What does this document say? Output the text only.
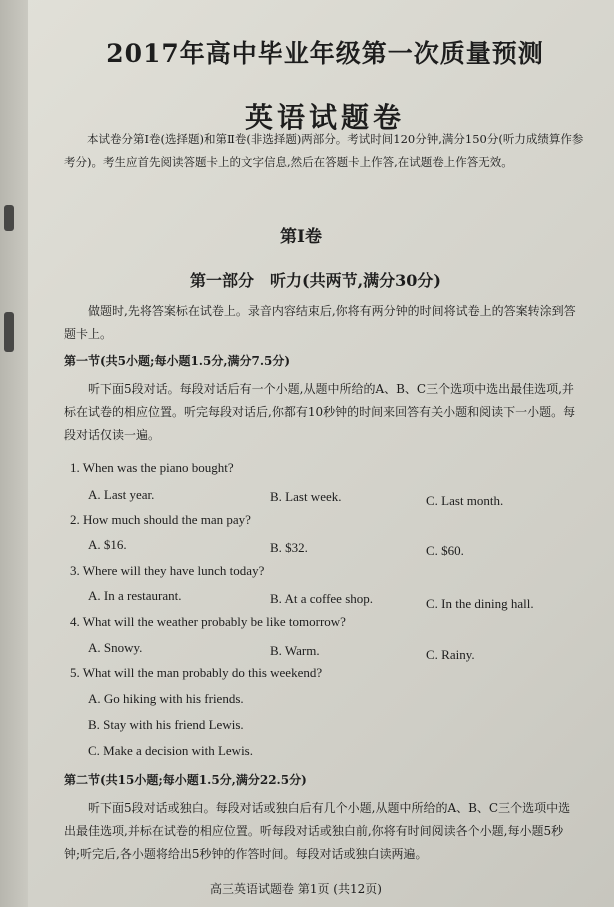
2017年高中毕业年级第一次质量预测
英语试题卷
本试卷分第Ⅰ卷(选择题)和第Ⅱ卷(非选择题)两部分。考试时间120分钟,满分150分(听力成绩算作参考分)。考生应首先阅读答题卡上的文字信息,然后在答题卡上作答,在试题卷上作答无效。
第Ⅰ卷
第一部分　听力(共两节,满分30分)
做题时,先将答案标在试卷上。录音内容结束后,你将有两分钟的时间将试卷上的答案转涂到答题卡上。
第一节(共5小题;每小题1.5分,满分7.5分)
听下面5段对话。每段对话后有一个小题,从题中所给的A、B、C三个选项中选出最佳选项,并标在试卷的相应位置。听完每段对话后,你都有10秒钟的时间来回答有关小题和阅读下一小题。每段对话仅读一遍。
1. When was the piano bought?
A. Last year.	B. Last week.	C. Last month.
2. How much should the man pay?
A. $16.	B. $32.	C. $60.
3. Where will they have lunch today?
A. In a restaurant.	B. At a coffee shop.	C. In the dining hall.
4. What will the weather probably be like tomorrow?
A. Snowy.	B. Warm.	C. Rainy.
5. What will the man probably do this weekend?
A. Go hiking with his friends.
B. Stay with his friend Lewis.
C. Make a decision with Lewis.
第二节(共15小题;每小题1.5分,满分22.5分)
听下面5段对话或独白。每段对话或独白后有几个小题,从题中所给的A、B、C三个选项中选出最佳选项,并标在试卷的相应位置。听每段对话或独白前,你将有时间阅读各个小题,每小题5秒钟;听完后,各小题将给出5秒钟的作答时间。每段对话或独白读两遍。
高三英语试题卷 第1页 (共12页)
